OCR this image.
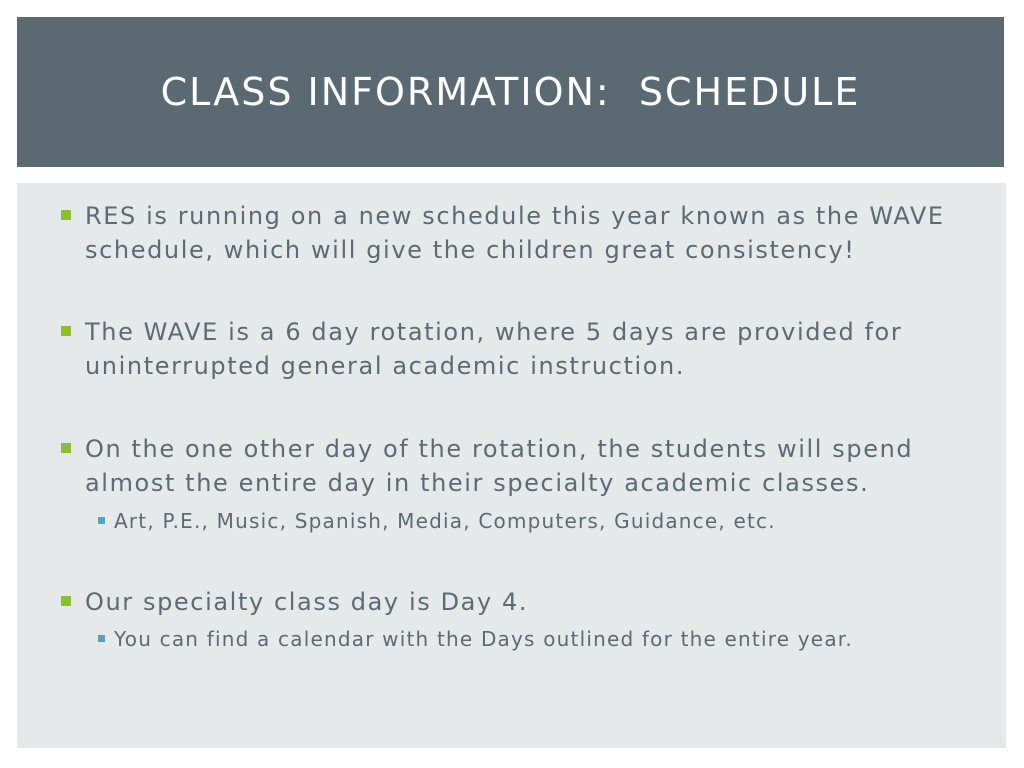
CLASS INFORMATION:  SCHEDULE
RES is running on a new schedule this year known as the WAVE schedule, which will give the children great consistency!
The WAVE is a 6 day rotation, where 5 days are provided for uninterrupted general academic instruction.
On the one other day of the rotation, the students will spend almost the entire day in their specialty academic classes.
Art, P.E., Music, Spanish, Media, Computers, Guidance, etc.
Our specialty class day is Day 4.
You can find a calendar with the Days outlined for the entire year.
